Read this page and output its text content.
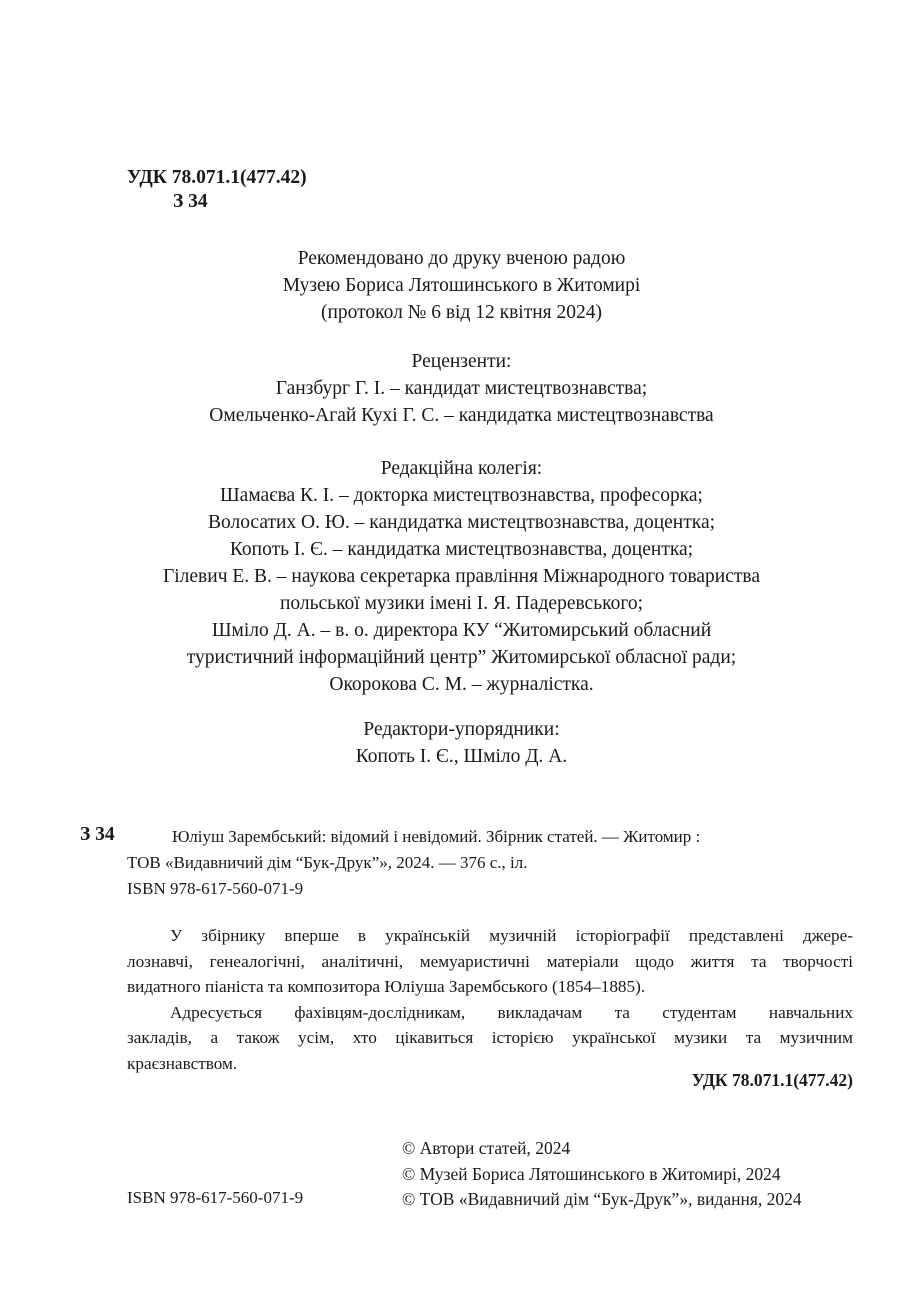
УДК 78.071.1(477.42)
З 34
Рекомендовано до друку вченою радою
Музею Бориса Лятошинського в Житомирі
(протокол № 6 від 12 квітня 2024)
Рецензенти:
Ганзбург Г. І. – кандидат мистецтвознавства;
Омельченко-Агай Кухі Г. С. – кандидатка мистецтвознавства
Редакційна колегія:
Шамаєва К. І. – докторка мистецтвознавства, професорка;
Волосатих О. Ю. – кандидатка мистецтвознавства, доцентка;
Копоть І. Є. – кандидатка мистецтвознавства, доцентка;
Гілевич Е. В. – наукова секретарка правління Міжнародного товариства
польської музики імені І. Я. Падеревського;
Шміло Д. А. – в. о. директора КУ “Житомирський обласний
туристичний інформаційний центр” Житомирської обласної ради;
Окорокова С. М. – журналістка.
Редактори-упорядники:
Копоть І. Є., Шміло Д. А.
З 34	Юліуш Зарембський: відомий і невідомий. Збірник статей. — Житомир :
ТОВ «Видавничий дім “Бук-Друк”», 2024. — 376 с., іл.
ISBN 978-617-560-071-9
У збірнику вперше в українській музичній історіографії представлені джере-
лознавчі, генеалогічні, аналітичні, мемуаристичні матеріали щодо життя та творчості
видатного піаніста та композитора Юліуша Зарембського (1854–1885).
Адресується фахівцям-дослідникам, викладачам та студентам навчальних
закладів, а також усім, хто цікавиться історією української музики та музичним
краєзнавством.
УДК 78.071.1(477.42)
ISBN 978-617-560-071-9
© Автори статей, 2024
© Музей Бориса Лятошинського в Житомирі, 2024
© ТОВ «Видавничий дім “Бук-Друк”», видання, 2024
